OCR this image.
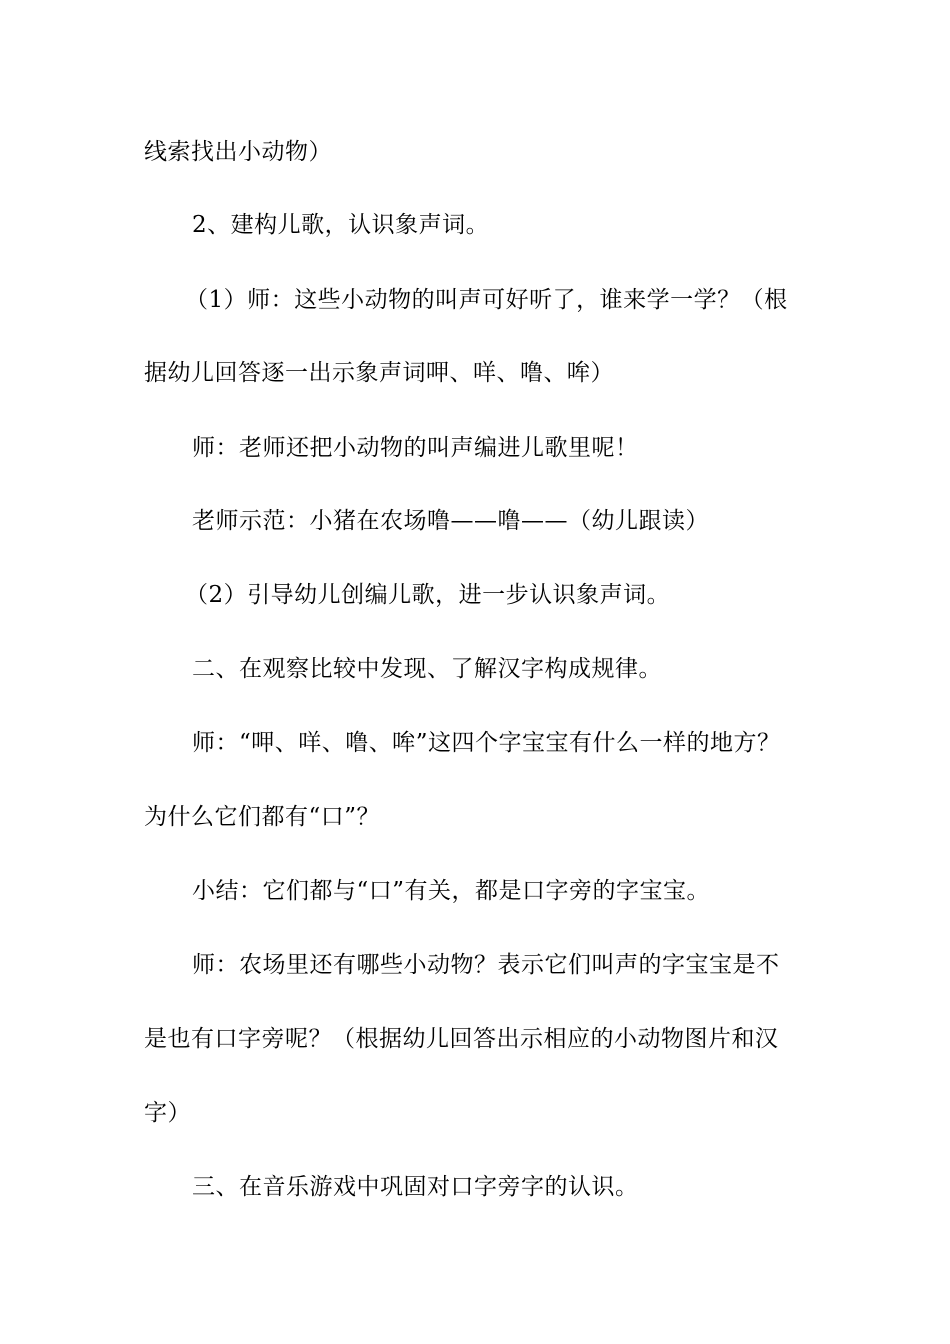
线索找出小动物）
2、建构儿歌，认识象声词。
（1）师：这些小动物的叫声可好听了，谁来学一学？（根
据幼儿回答逐一出示象声词呷、咩、噜、哞）
师：老师还把小动物的叫声编进儿歌里呢！
老师示范：小猪在农场噜——噜——（幼儿跟读）
（2）引导幼儿创编儿歌，进一步认识象声词。
二、在观察比较中发现、了解汉字构成规律。
师：“呷、咩、噜、哞”这四个字宝宝有什么一样的地方？
为什么它们都有“口”？
小结：它们都与“口”有关，都是口字旁的字宝宝。
师：农场里还有哪些小动物？表示它们叫声的字宝宝是不
是也有口字旁呢？（根据幼儿回答出示相应的小动物图片和汉
字）
三、在音乐游戏中巩固对口字旁字的认识。
